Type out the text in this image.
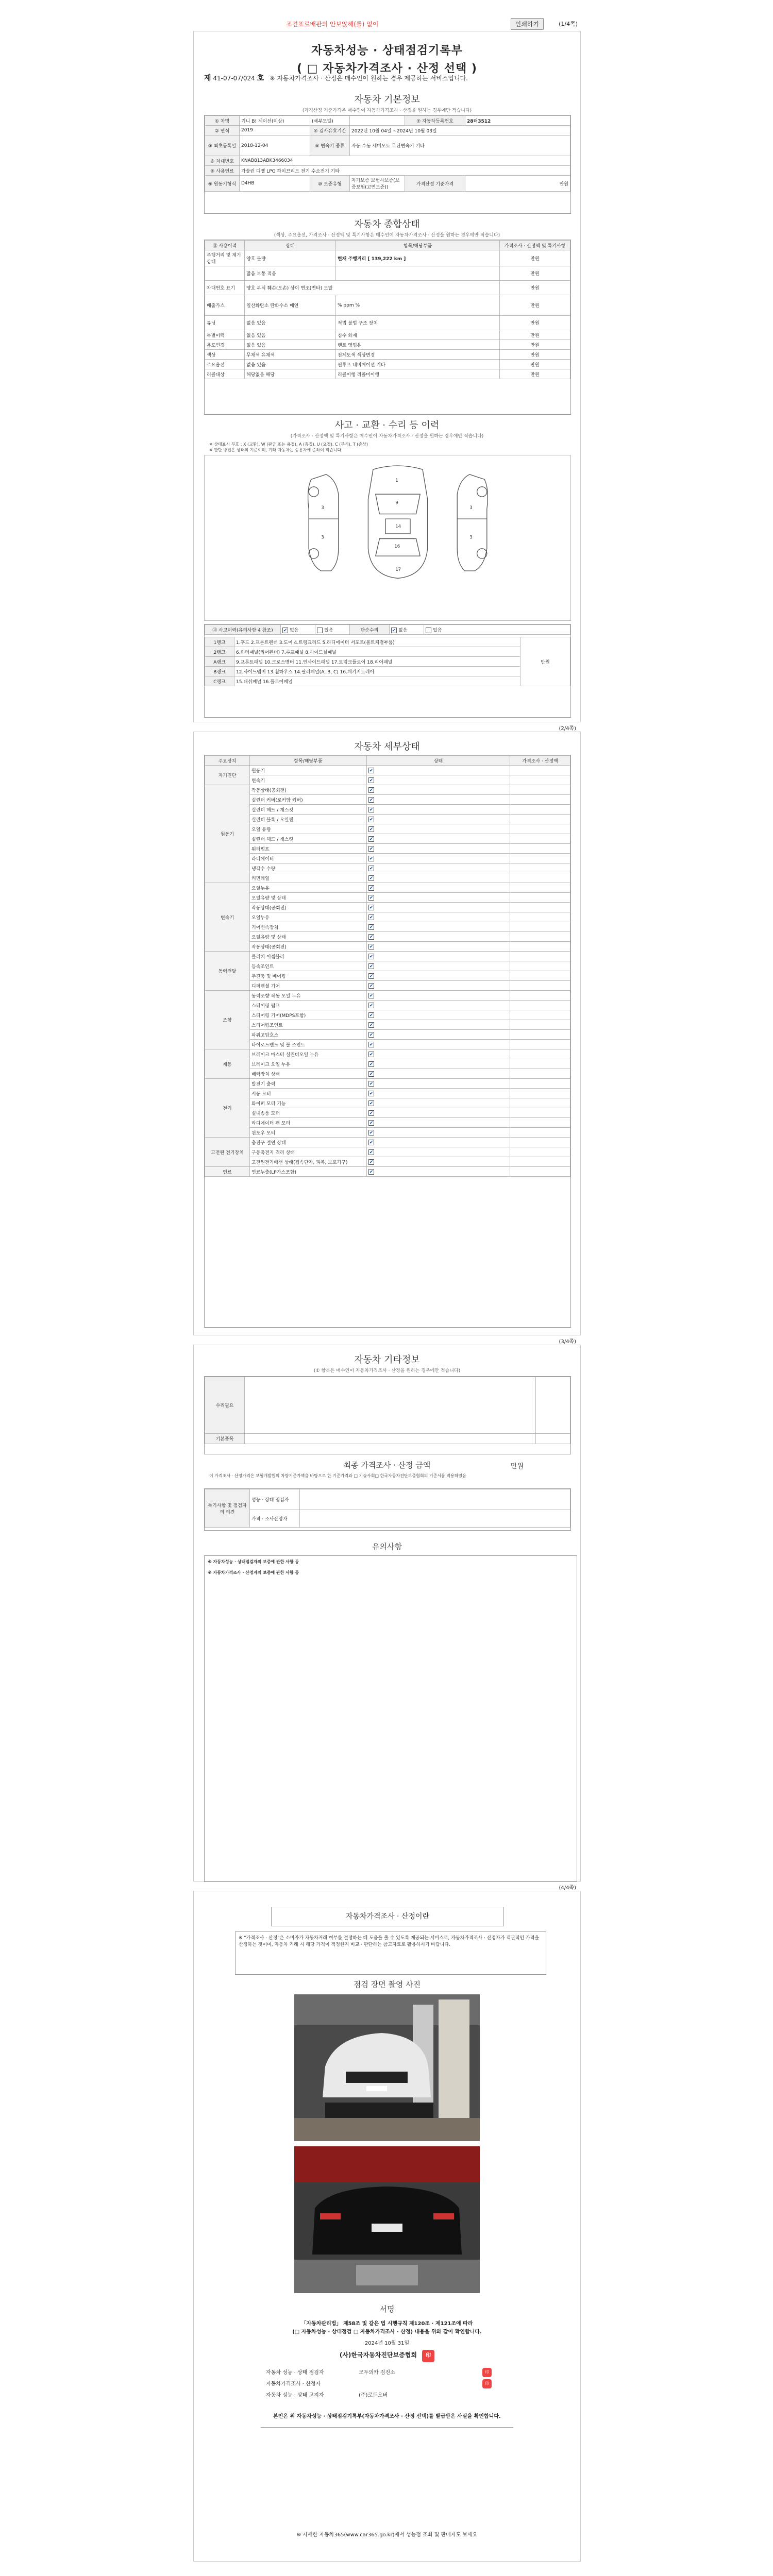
조견표로배판의 안보않해(를) 없이	인쇄하기	(1/4쪽)
자동차성능 · 상태점검기록부
( □ 자동차가격조사 · 산정 선택 )
제 41-07-07/024 호 ※ 자동차가격조사 · 산정은 매수인이 원하는 경우 제공하는 서비스입니다.
자동차 기본정보
(가격산정 기준가격은 매수인이 자동차가격조사 · 산정을 원하는 경우에만 적습니다)
① 차명	기니 B! 제이션(미상)	(세부모델)		⑦ 자동차등록번호	28더3512
② 연식	2019	④ 검사유효기간	2022년 10월 04일 ~2024년 10월 03일		
③ 최초등록일	2018-12-04	⑤ 변속기 종류	자동 수동 세미오토 무단변속기 기타		
⑥ 차대번호	KNAB813ABK3466034				
⑧ 사용연료	가솔린 디젤 LPG 하이브리드 전기 수소전기 기타				
⑨ 원동기형식	D4HB	⑩ 보증유형	자가보증 보험사보증(보증보험(고연보증))	가격산정 기준가격	만원
자동차 종합상태
(색상, 주요옵션, 가격조사 · 산정액 및 특기사항은 매수인이 자동차가격조사 · 산정을 원하는 경우에만 적습니다)
⑪ 사용이력	상태	항목/해당부품	가격조사 · 산정액 및 특기사항
주행거리 및 계기상태	양호 불량	현재 주행거리 [ 139,222 km ]	만원
	많음 보통 적음		만원
차대번호 표기	양호 부식 훼손(오손) 상이 변조(변타) 도말		만원
배출가스	일산화탄소 탄화수소 매연	% ppm %	만원
튜닝	없음 있음	적법 불법 구조 장치	만원
특별이력	없음 있음	침수 화재	만원
용도변경	없음 있음	렌트 영업용	만원
색상	무채색 유채색	전체도색 색상변경	만원
주요옵션	없음 있음	썬루프 네비게이션 기타	만원
리콜대상	해당없음 해당	리콜이행 리콜미이행	만원
사고 · 교환 · 수리 등 이력
(가격조사 · 산정액 및 특기사항은 매수인이 자동차가격조사 · 산정을 원하는 경우에만 적습니다)
※ 상태표시 부호 : X (교환), W (판금 또는 용접), A (흠집), U (요철), C (부식), T (손상)
※ 판단 방법은 상태의 기준이며, 기타 자동차는 승용차에 준하여 적습니다
1
9
14
16
17
3
3
3
3
⑫ 사고이력(유의사항 4 참조)	✔없음	있음	단순수리	✔없음	있음
1랭크	1.후드 2.프론트펜더 3.도어 4.트렁크리드 5.라디에이터 서포트(볼트체결부품)	만원
2랭크	6.쿼터패널(리어펜더) 7.루프패널 8.사이드실패널	
A랭크	9.프론트패널 10.크로스멤버 11.인사이드패널 17.트렁크플로어 18.리어패널	
B랭크	12.사이드멤버 13.휠하우스 14.필러패널(A, B, C) 16.패키지트레이	
C랭크	15.대쉬패널 16.플로어패널	
(2/4쪽)
자동차 세부상태
주요장치	항목/해당부품	상태	가격조사 · 산정액
자기진단	원동기	✔	
	변속기	✔	
원동기	작동상태(공회전)	✔	
	실린더 커버(로커암 커버)	✔	
	실린더 헤드 / 개스킷	✔	
	실린더 블록 / 오일팬	✔	
	오일 유량	✔	
	실린더 헤드 / 개스킷	✔	
	워터펌프	✔	
	라디에이터	✔	
	냉각수 수량	✔	
	커먼레일	✔	
변속기	오일누유	✔	
	오일유량 및 상태	✔	
	작동상태(공회전)	✔	
	오일누유	✔	
	기어변속장치	✔	
	오일유량 및 상태	✔	
	작동상태(공회전)	✔	
동력전달	클러치 어셈블리	✔	
	등속조인트	✔	
	추진축 및 베어링	✔	
	디퍼렌셜 기어	✔	
조향	동력조향 작동 오일 누유	✔	
	스티어링 펌프	✔	
	스티어링 기어(MDPS포함)	✔	
	스티어링조인트	✔	
	파워고압호스	✔	
	타이로드엔드 및 볼 조인트	✔	
제동	브레이크 마스터 실린더오일 누유	✔	
	브레이크 오일 누유	✔	
	배력장치 상태	✔	
전기	발전기 출력	✔	
	시동 모터	✔	
	와이퍼 모터 기능	✔	
	실내송풍 모터	✔	
	라디에이터 팬 모터	✔	
	윈도우 모터	✔	
고전원 전기장치	충전구 절연 상태	✔	
	구동축전지 격리 상태	✔	
	고전원전기배선 상태(접속단자, 피복, 보호기구)	✔	
연료	연료누출(LP가스포함)	✔	
(3/4쪽)
자동차 기타정보
(① 항목은 매수인이 자동차가격조사 · 산정을 원하는 경우에만 적습니다)
수리필요		
기본품목		
최종 가격조사 · 산정 금액	만원
이 가격조사 · 산정가격은 보험개발원의 차량기준가액을 바탕으로 한 기준가격과 □ 기술사회□ 한국자동차진단보증협회의 기준서를 적용하였음
특기사항 및 점검자의 의견	성능 · 상태 점검자	
	가격 · 조사산정자	
유의사항
※ 자동차성능 · 상태점검자의 보증에 관한 사항 등
※ 자동차가격조사 · 산정자의 보증에 관한 사항 등
(4/4쪽)
자동차가격조사 · 산정이란
※ "가격조사 · 산정"은 소비자가 자동차거래 여부를 결정하는 데 도움을 줄 수 있도록 제공되는 서비스로, 자동차가격조사 · 산정자가 객관적인 가격을 산정하는 것이며, 자동차 거래 시 해당 가격이 적정한지 비교 · 판단하는 참고자료로 활용하시기 바랍니다.
점검 장면 촬영 사진
서명
「자동차관리법」 제58조 및 같은 법 시행규칙 제120조 · 제121조에 따라
(□ 자동차성능 · 상태점검 □ 자동차가격조사 · 산정) 내용을 위와 같이 확인합니다.
2024년 10월 31일
(사)한국자동차진단보증협회 印
자동차 성능 · 상태 점검자	모두의카 검진소
자동차가격조사 · 산정자
자동차 성능 · 상태 고지자	(주)로드오버
印 印
본인은 위 자동차성능 · 상태점검기록부(자동차가격조사 · 산정 선택)를 발급받은 사실을 확인합니다.
※ 자세한 자동차365(www.car365.go.kr)에서 성능점 조회 및 판매자도 보세요
